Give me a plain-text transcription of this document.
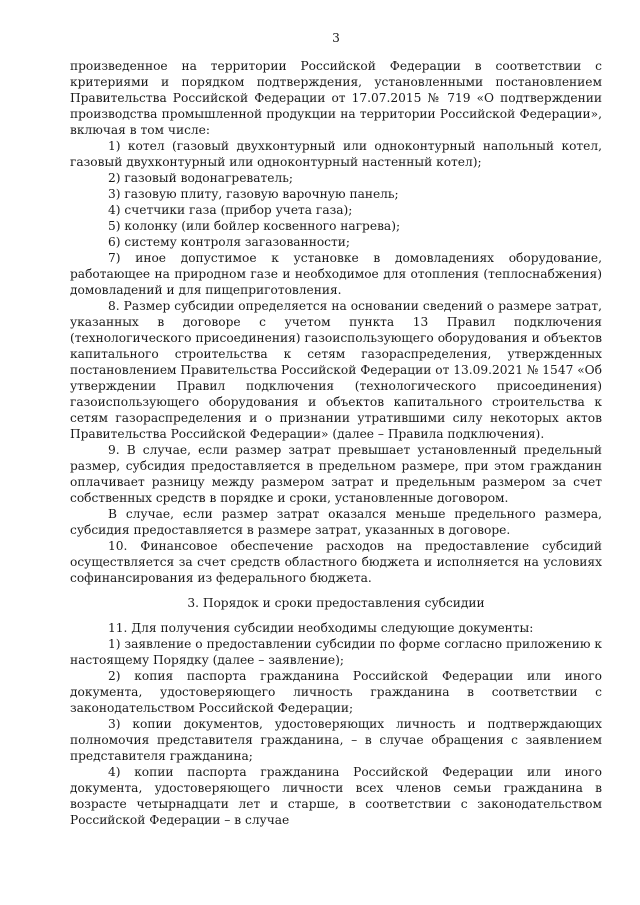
3

произведенное на территории Российской Федерации в соответствии с критериями и порядком подтверждения, установленными постановлением Правительства Российской Федерации от 17.07.2015 № 719 «О подтверждении производства промышленной продукции на территории Российской Федерации», включая в том числе:

1) котел (газовый двухконтурный или одноконтурный напольный котел, газовый двухконтурный или одноконтурный настенный котел);

2) газовый водонагреватель;

3) газовую плиту, газовую варочную панель;

4) счетчики газа (прибор учета газа);

5) колонку (или бойлер косвенного нагрева);

6) систему контроля загазованности;

7) иное допустимое к установке в домовладениях оборудование, работающее на природном газе и необходимое для отопления (теплоснабжения) домовладений и для пищеприготовления.

8. Размер субсидии определяется на основании сведений о размере затрат, указанных в договоре с учетом пункта 13 Правил подключения (технологического присоединения) газоиспользующего оборудования и объектов капитального строительства к сетям газораспределения, утвержденных постановлением Правительства Российской Федерации от 13.09.2021 № 1547 «Об утверждении Правил подключения (технологического присоединения) газоиспользующего оборудования и объектов капитального строительства к сетям газораспределения и о признании утратившими силу некоторых актов Правительства Российской Федерации» (далее – Правила подключения).

9. В случае, если размер затрат превышает установленный предельный размер, субсидия предоставляется в предельном размере, при этом гражданин оплачивает разницу между размером затрат и предельным размером за счет собственных средств в порядке и сроки, установленные договором.

В случае, если размер затрат оказался меньше предельного размера, субсидия предоставляется в размере затрат, указанных в договоре.

10. Финансовое обеспечение расходов на предоставление субсидий осуществляется за счет средств областного бюджета и исполняется на условиях софинансирования из федерального бюджета.

3. Порядок и сроки предоставления субсидии

11. Для получения субсидии необходимы следующие документы:

1) заявление о предоставлении субсидии по форме согласно приложению к настоящему Порядку (далее – заявление);

2) копия паспорта гражданина Российской Федерации или иного документа, удостоверяющего личность гражданина в соответствии с законодательством Российской Федерации;

3) копии документов, удостоверяющих личность и подтверждающих полномочия представителя гражданина, – в случае обращения с заявлением представителя гражданина;

4) копии паспорта гражданина Российской Федерации или иного документа, удостоверяющего личности всех членов семьи гражданина в возрасте четырнадцати лет и старше, в соответствии с законодательством Российской Федерации – в случае
